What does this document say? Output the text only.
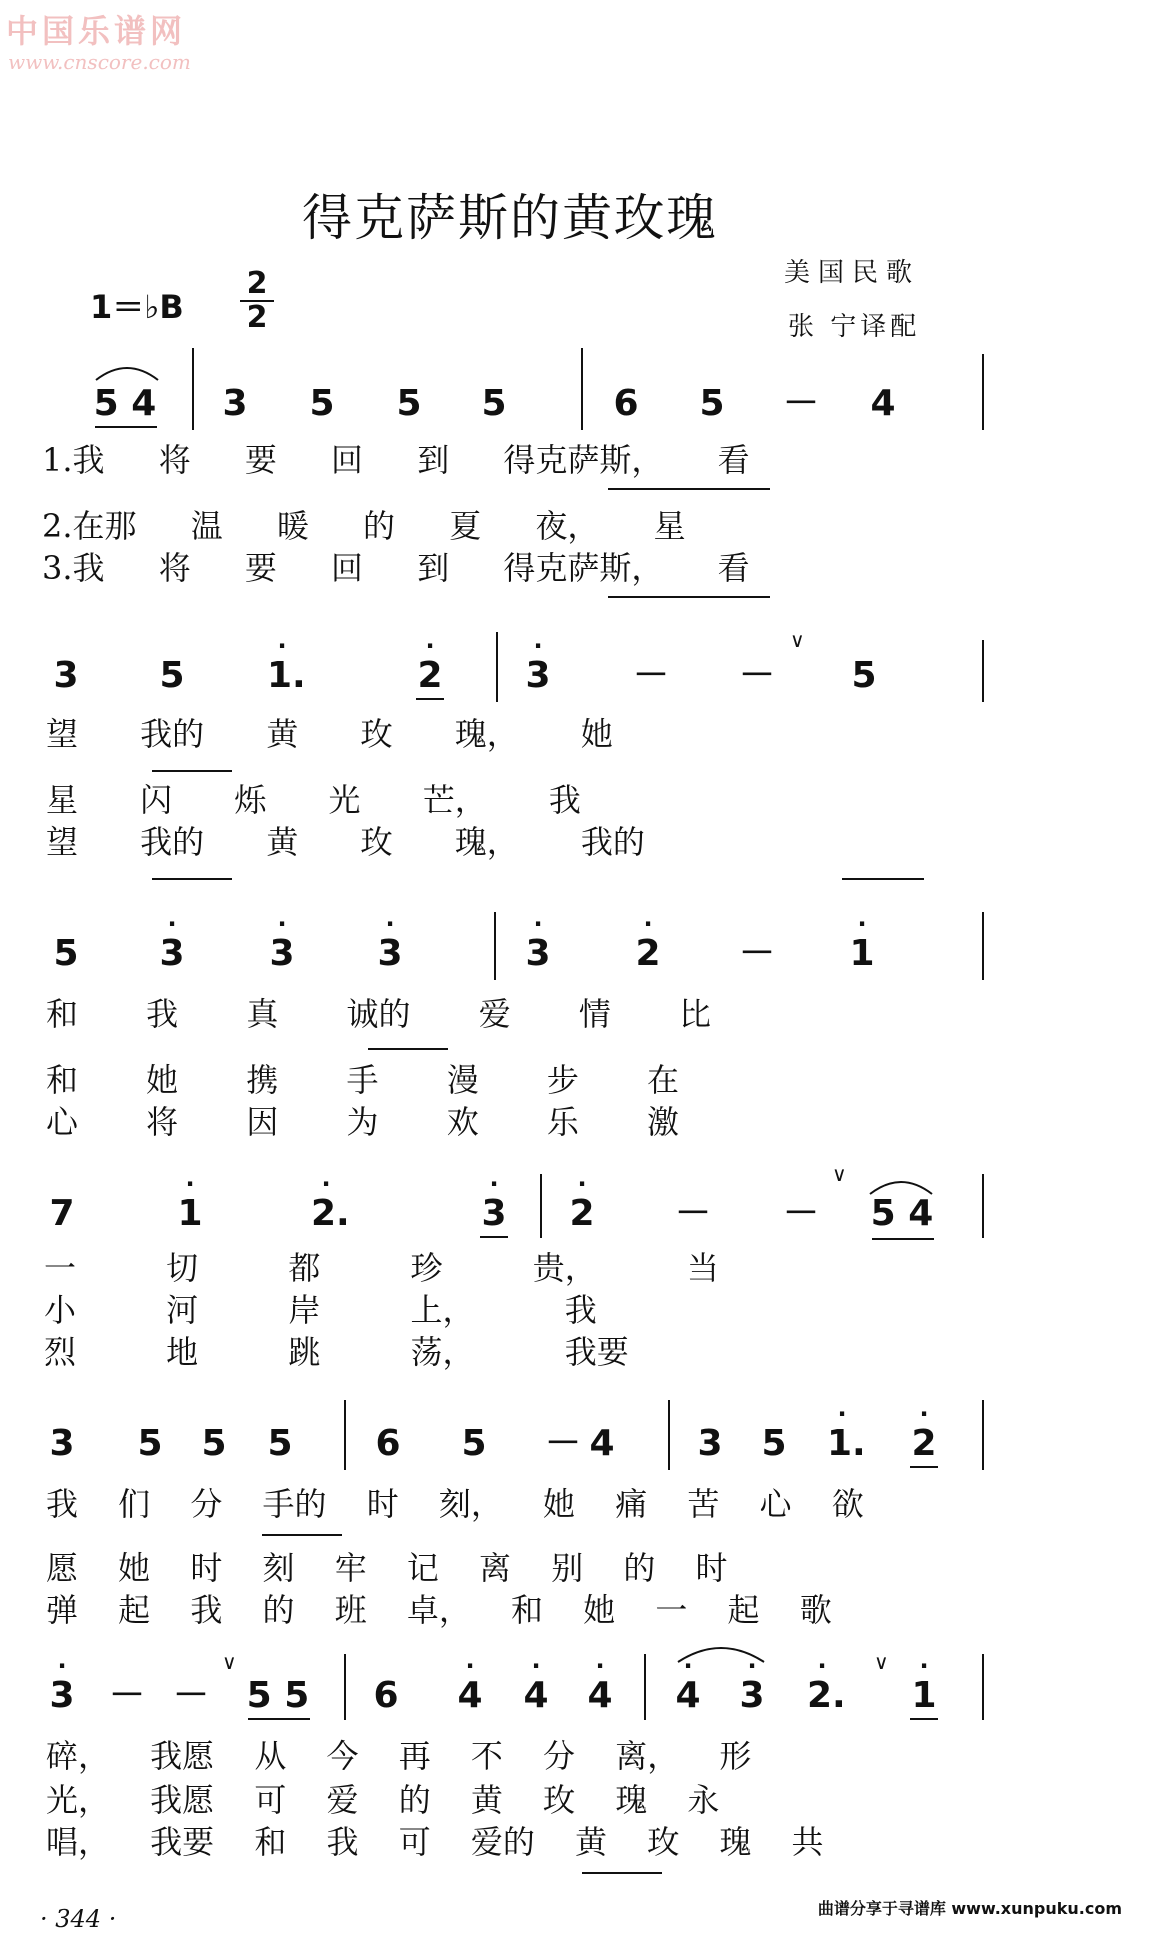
中国乐谱网
www.cnscore.com
得克萨斯的黄玫瑰
1＝♭B
2
2
美国民歌
张 宁译配
5 4 3 5 5 5	6 5 － 4
1.我 将 要 回 到 得克萨斯， 看
2.在那 温 暖 的 夏 夜， 星
3.我 将 要 回 到 得克萨斯， 看
3 5
·
1.
·
2
·
3 － －
∨
5
望 我的 黄 玫 瑰， 她
星 闪 烁 光 芒， 我
望 我的 黄 玫 瑰， 我的
5
·
3
·
3
·
3
·
3
·
2 －
·
1
和 我 真 诚的 爱 情 比
和 她 携 手 漫 步 在
心 将 因 为 欢 乐 激
7
·
1
·
2.
·
3
·
2 － －
∨
5 4
一 切 都 珍 贵， 当
小 河 岸 上， 我
烈 地 跳 荡， 我要
3 5 5 5 6 5 － 4 3 5
·
1.
·
2
我 们 分 手的 时 刻， 她 痛 苦 心 欲
愿 她 时 刻 牢 记 离 别 的 时
弹 起 我 的 班 卓， 和 她 一 起 歌
·
3 － －
∨
5 5 6
·
4
·
4
·
4
·
4
·
3
·
2.
∨	·
1
碎， 我愿 从 今 再 不 分 离， 形
光， 我愿 可 爱 的 黄 玫 瑰 永
唱， 我要 和 我 可 爱的 黄 玫 瑰 共
· 344 ·	曲谱分享于寻谱库 www.xunpuku.com
